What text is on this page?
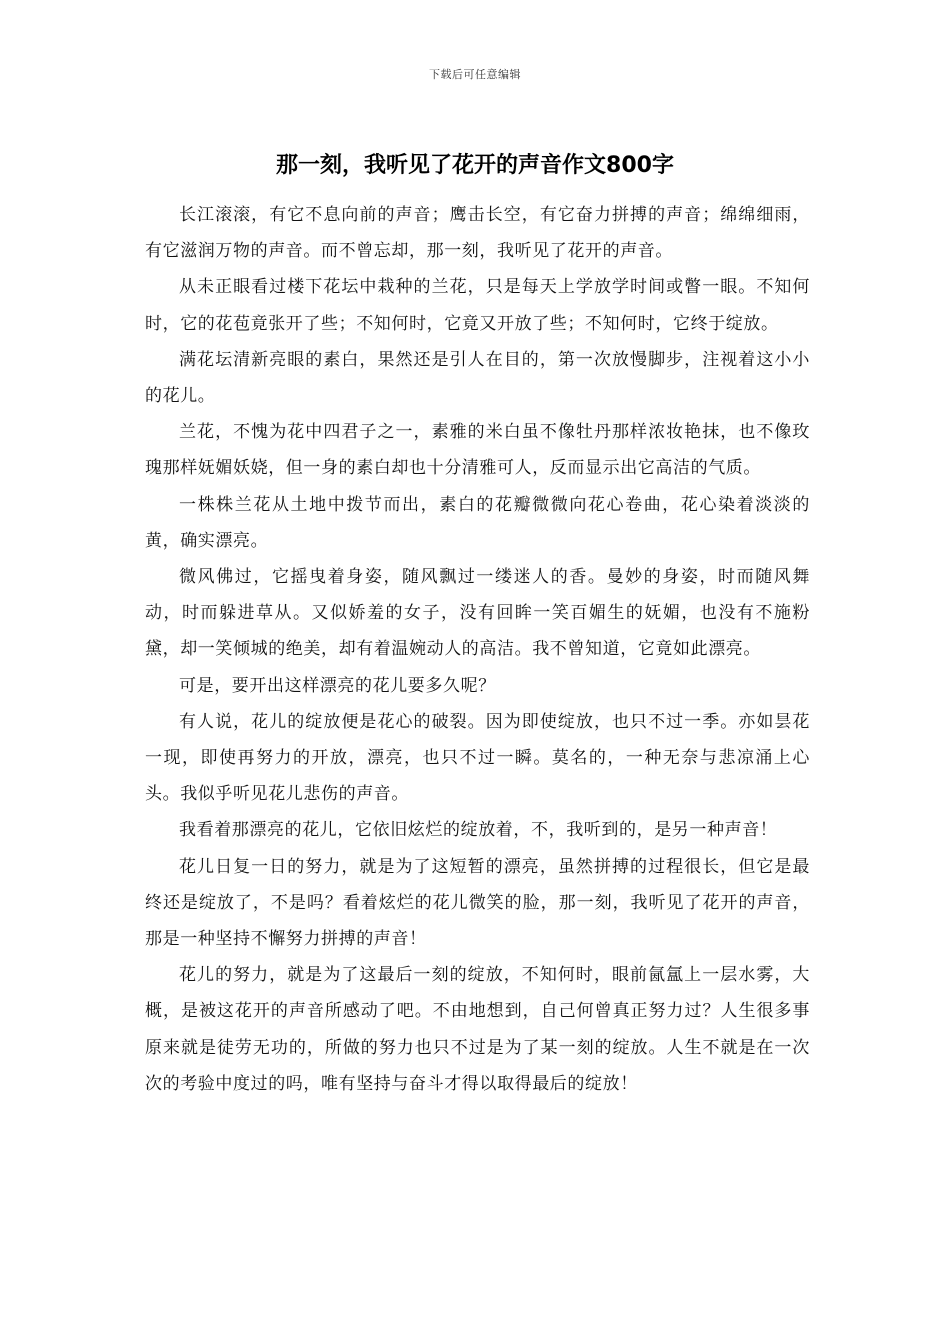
下载后可任意编辑
那一刻，我听见了花开的声音作文800字

长江滚滚，有它不息向前的声音；鹰击长空，有它奋力拼搏的声音；绵绵细雨，有它滋润万物的声音。而不曾忘却，那一刻，我听见了花开的声音。

从未正眼看过楼下花坛中栽种的兰花，只是每天上学放学时间或瞥一眼。不知何时，它的花苞竟张开了些；不知何时，它竟又开放了些；不知何时，它终于绽放。

满花坛清新亮眼的素白，果然还是引人在目的，第一次放慢脚步，注视着这小小的花儿。

兰花，不愧为花中四君子之一，素雅的米白虽不像牡丹那样浓妆艳抹，也不像玫瑰那样妩媚妖娆，但一身的素白却也十分清雅可人，反而显示出它高洁的气质。

一株株兰花从土地中拨节而出，素白的花瓣微微向花心卷曲，花心染着淡淡的黄，确实漂亮。

微风佛过，它摇曳着身姿，随风飘过一缕迷人的香。曼妙的身姿，时而随风舞动，时而躲进草从。又似娇羞的女子，没有回眸一笑百媚生的妩媚，也没有不施粉黛，却一笑倾城的绝美，却有着温婉动人的高洁。我不曾知道，它竟如此漂亮。

可是，要开出这样漂亮的花儿要多久呢？

有人说，花儿的绽放便是花心的破裂。因为即使绽放，也只不过一季。亦如昙花一现，即使再努力的开放，漂亮，也只不过一瞬。莫名的，一种无奈与悲凉涌上心头。我似乎听见花儿悲伤的声音。

我看着那漂亮的花儿，它依旧炫烂的绽放着，不，我听到的，是另一种声音！

花儿日复一日的努力，就是为了这短暂的漂亮，虽然拼搏的过程很长，但它是最终还是绽放了，不是吗？看着炫烂的花儿微笑的脸，那一刻，我听见了花开的声音，那是一种坚持不懈努力拼搏的声音！

花儿的努力，就是为了这最后一刻的绽放，不知何时，眼前氤氲上一层水雾，大概，是被这花开的声音所感动了吧。不由地想到，自己何曾真正努力过？人生很多事原来就是徒劳无功的，所做的努力也只不过是为了某一刻的绽放。人生不就是在一次次的考验中度过的吗，唯有坚持与奋斗才得以取得最后的绽放！
